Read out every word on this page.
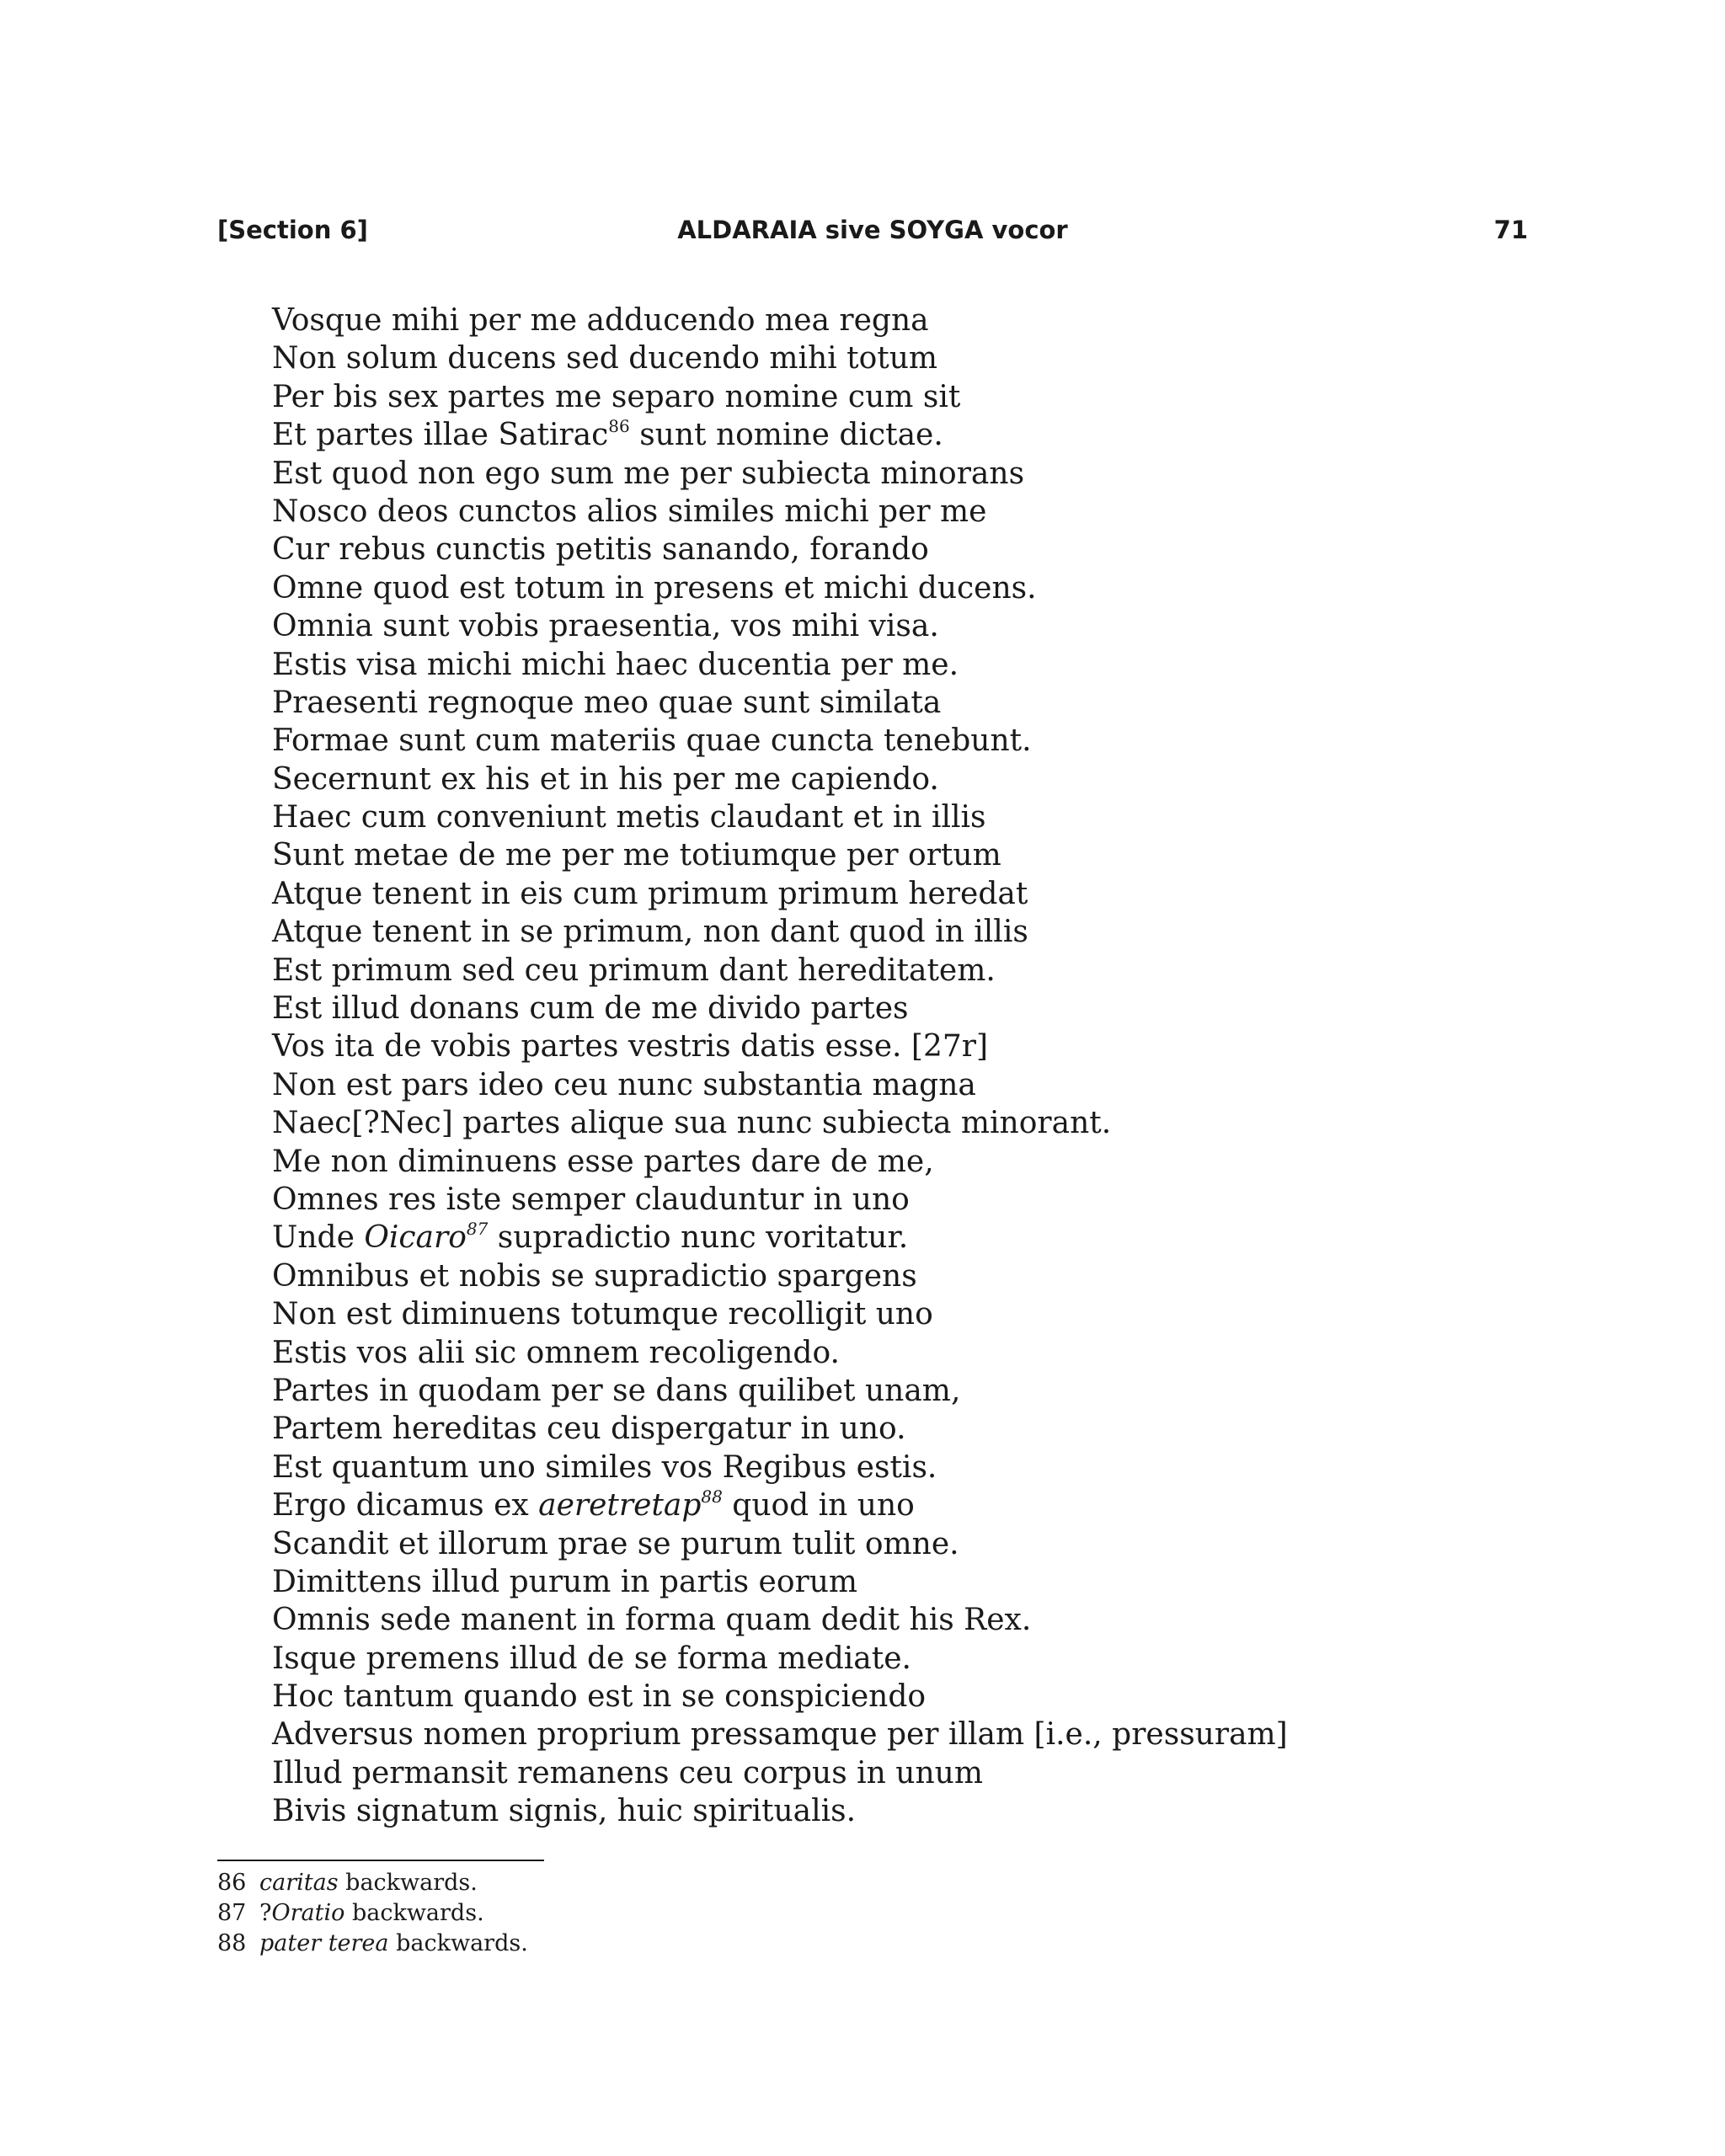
[Section 6]	ALDARAIA sive SOYGA vocor	71
Vosque mihi per me adducendo mea regna
Non solum ducens sed ducendo mihi totum
Per bis sex partes me separo nomine cum sit
Et partes illae Satirac$^{86}$ sunt nomine dictae.
Est quod non ego sum me per subiecta minorans
Nosco deos cunctos alios similes michi per me
Cur rebus cunctis petitis sanando, forando
Omne quod est totum in presens et michi ducens.
Omnia sunt vobis praesentia, vos mihi visa.
Estis visa michi michi haec ducentia per me.
Praesenti regnoque meo quae sunt similata
Formae sunt cum materiis quae cuncta tenebunt.
Secernunt ex his et in his per me capiendo.
Haec cum conveniunt metis claudant et in illis
Sunt metae de me per me totiumque per ortum
Atque tenent in eis cum primum primum heredat
Atque tenent in se primum, non dant quod in illis
Est primum sed ceu primum dant hereditatem.
Est illud donans cum de me divido partes
Vos ita de vobis partes vestris datis esse. [27r]
Non est pars ideo ceu nunc substantia magna
Naec[?Nec] partes alique sua nunc subiecta minorant.
Me non diminuens esse partes dare de me,
Omnes res iste semper clauduntur in uno
Unde Oicaro$^{87}$ supradictio nunc voritatur.
Omnibus et nobis se supradictio spargens
Non est diminuens totumque recolligit uno
Estis vos alii sic omnem recoligendo.
Partes in quodam per se dans quilibet unam,
Partem hereditas ceu dispergatur in uno.
Est quantum uno similes vos Regibus estis.
Ergo dicamus ex aeretretap$^{88}$ quod in uno
Scandit et illorum prae se purum tulit omne.
Dimittens illud purum in partis eorum
Omnis sede manent in forma quam dedit his Rex.
Isque premens illud de se forma mediate.
Hoc tantum quando est in se conspiciendo
Adversus nomen proprium pressamque per illam [i.e., pressuram]
Illud permansit remanens ceu corpus in unum
Bivis signatum signis, huic spiritualis.
86 caritas backwards.
87 ?Oratio backwards.
88 pater terea backwards.
